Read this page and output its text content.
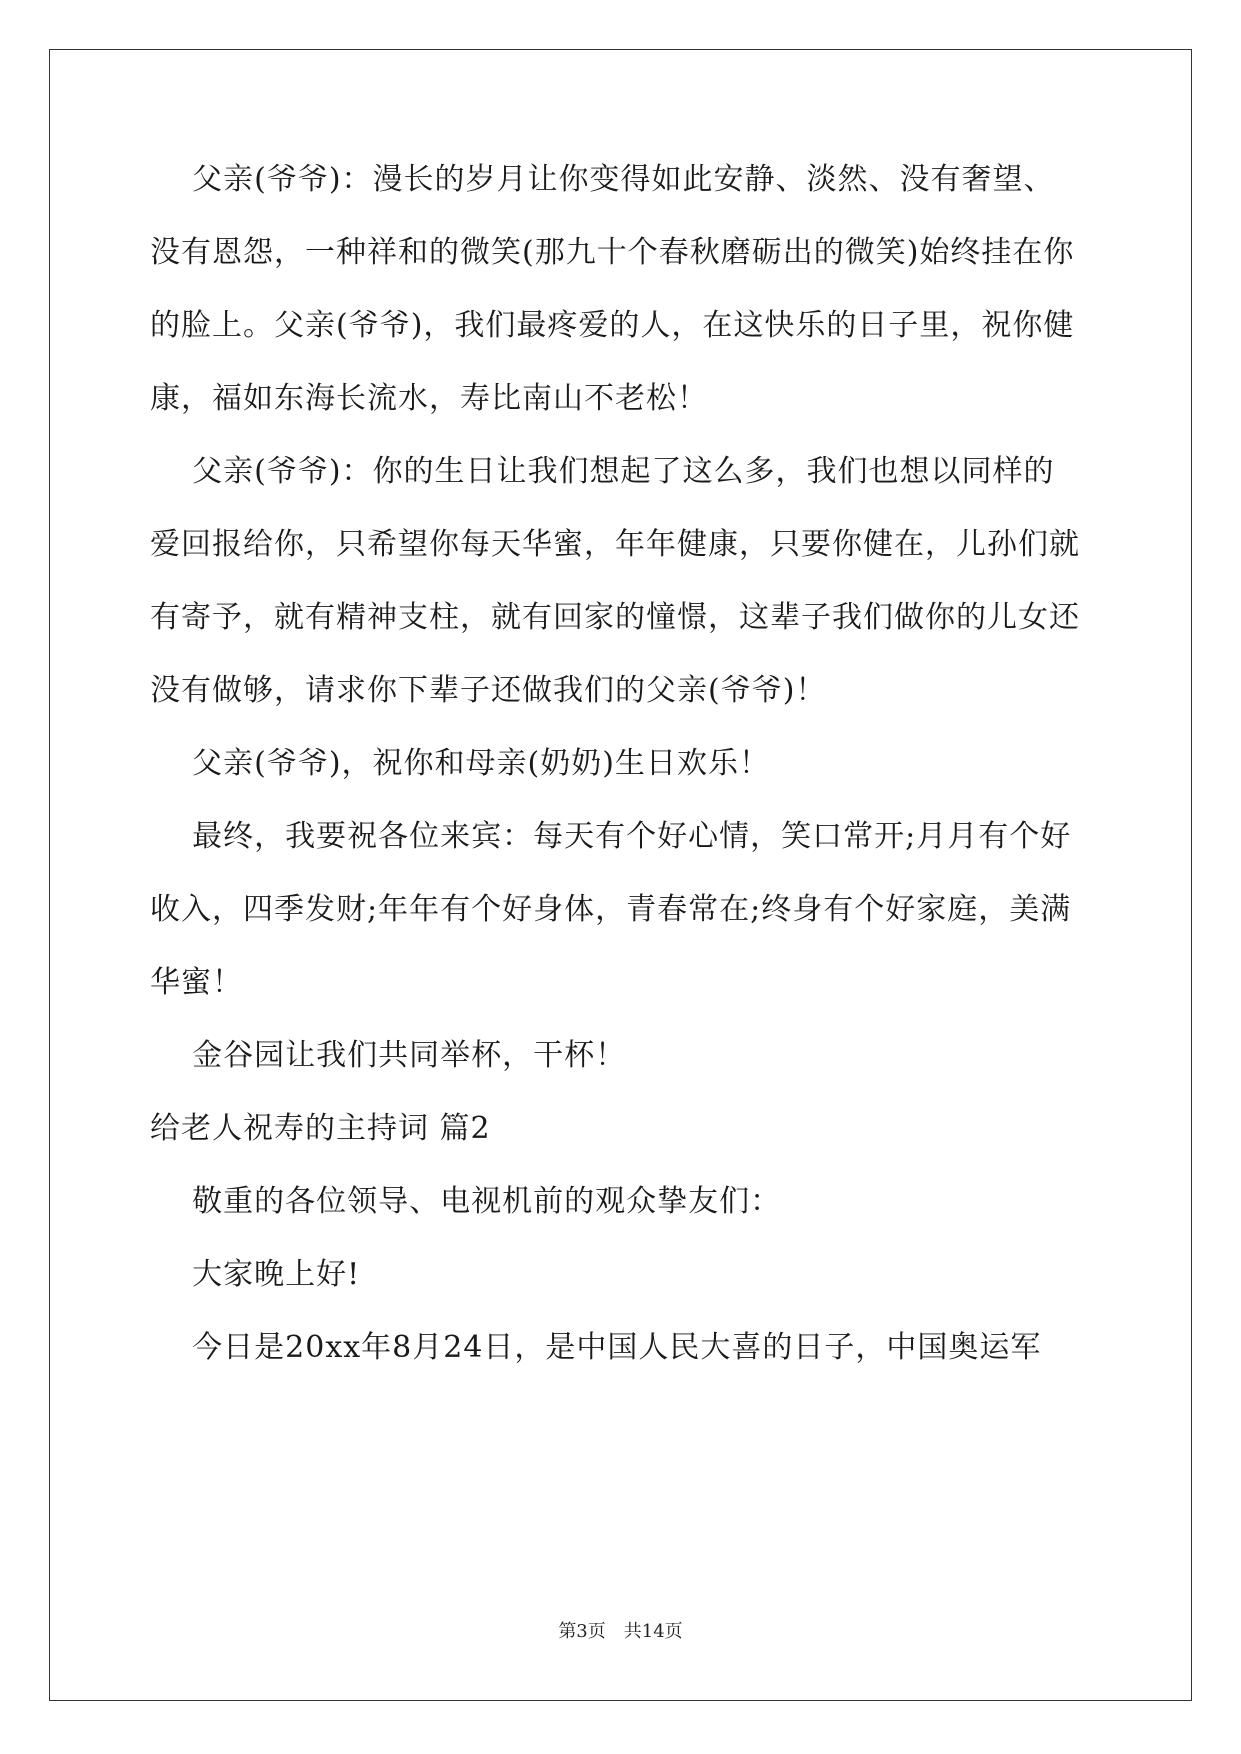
父亲(爷爷)：漫长的岁月让你变得如此安静、淡然、没有奢望、
没有恩怨，一种祥和的微笑(那九十个春秋磨砺出的微笑)始终挂在你
的脸上。父亲(爷爷)，我们最疼爱的人，在这快乐的日子里，祝你健
康，福如东海长流水，寿比南山不老松！
父亲(爷爷)：你的生日让我们想起了这么多，我们也想以同样的
爱回报给你，只希望你每天华蜜，年年健康，只要你健在，儿孙们就
有寄予，就有精神支柱，就有回家的憧憬，这辈子我们做你的儿女还
没有做够，请求你下辈子还做我们的父亲(爷爷)！
父亲(爷爷)，祝你和母亲(奶奶)生日欢乐！
最终，我要祝各位来宾：每天有个好心情，笑口常开;月月有个好
收入，四季发财;年年有个好身体，青春常在;终身有个好家庭，美满
华蜜！
金谷园让我们共同举杯，干杯！
给老人祝寿的主持词 篇2
敬重的各位领导、电视机前的观众挚友们：
大家晚上好!
今日是20xx年8月24日，是中国人民大喜的日子，中国奥运军
第3页　共14页
